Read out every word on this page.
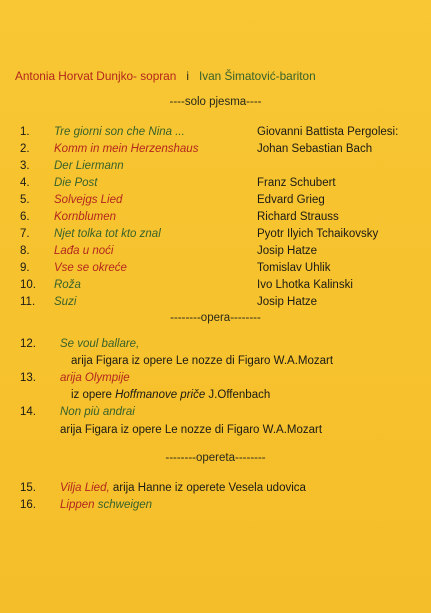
Antonia Horvat Dunjko- sopran i Ivan Šimatović-bariton
----solo pjesma----
1. Tre giorni son che Nina ...	Giovanni Battista Pergolesi:
2. Komm in mein Herzenshaus	Johan Sebastian Bach
3. Der Liermann
4. Die Post	Franz Schubert
5. Solvejgs Lied	Edvard Grieg
6. Kornblumen	Richard Strauss
7. Njet tolka tot kto znal	Pyotr Ilyich Tchaikovsky
8. Lađa u noći	Josip Hatze
9. Vse se okreće	Tomislav Uhlik
10. Roža	Ivo Lhotka Kalinski
11. Suzi	Josip Hatze
--------opera--------
12. Se voul ballare,
arija Figara iz opere Le nozze di Figaro W.A.Mozart
13. arija Olympije
iz opere Hoffmanove priče J.Offenbach
14. Non più andrai
arija Figara iz opere Le nozze di Figaro W.A.Mozart
--------opereta--------
15. Vilja Lied, arija Hanne iz operete Vesela udovica
16. Lippen schweigen
